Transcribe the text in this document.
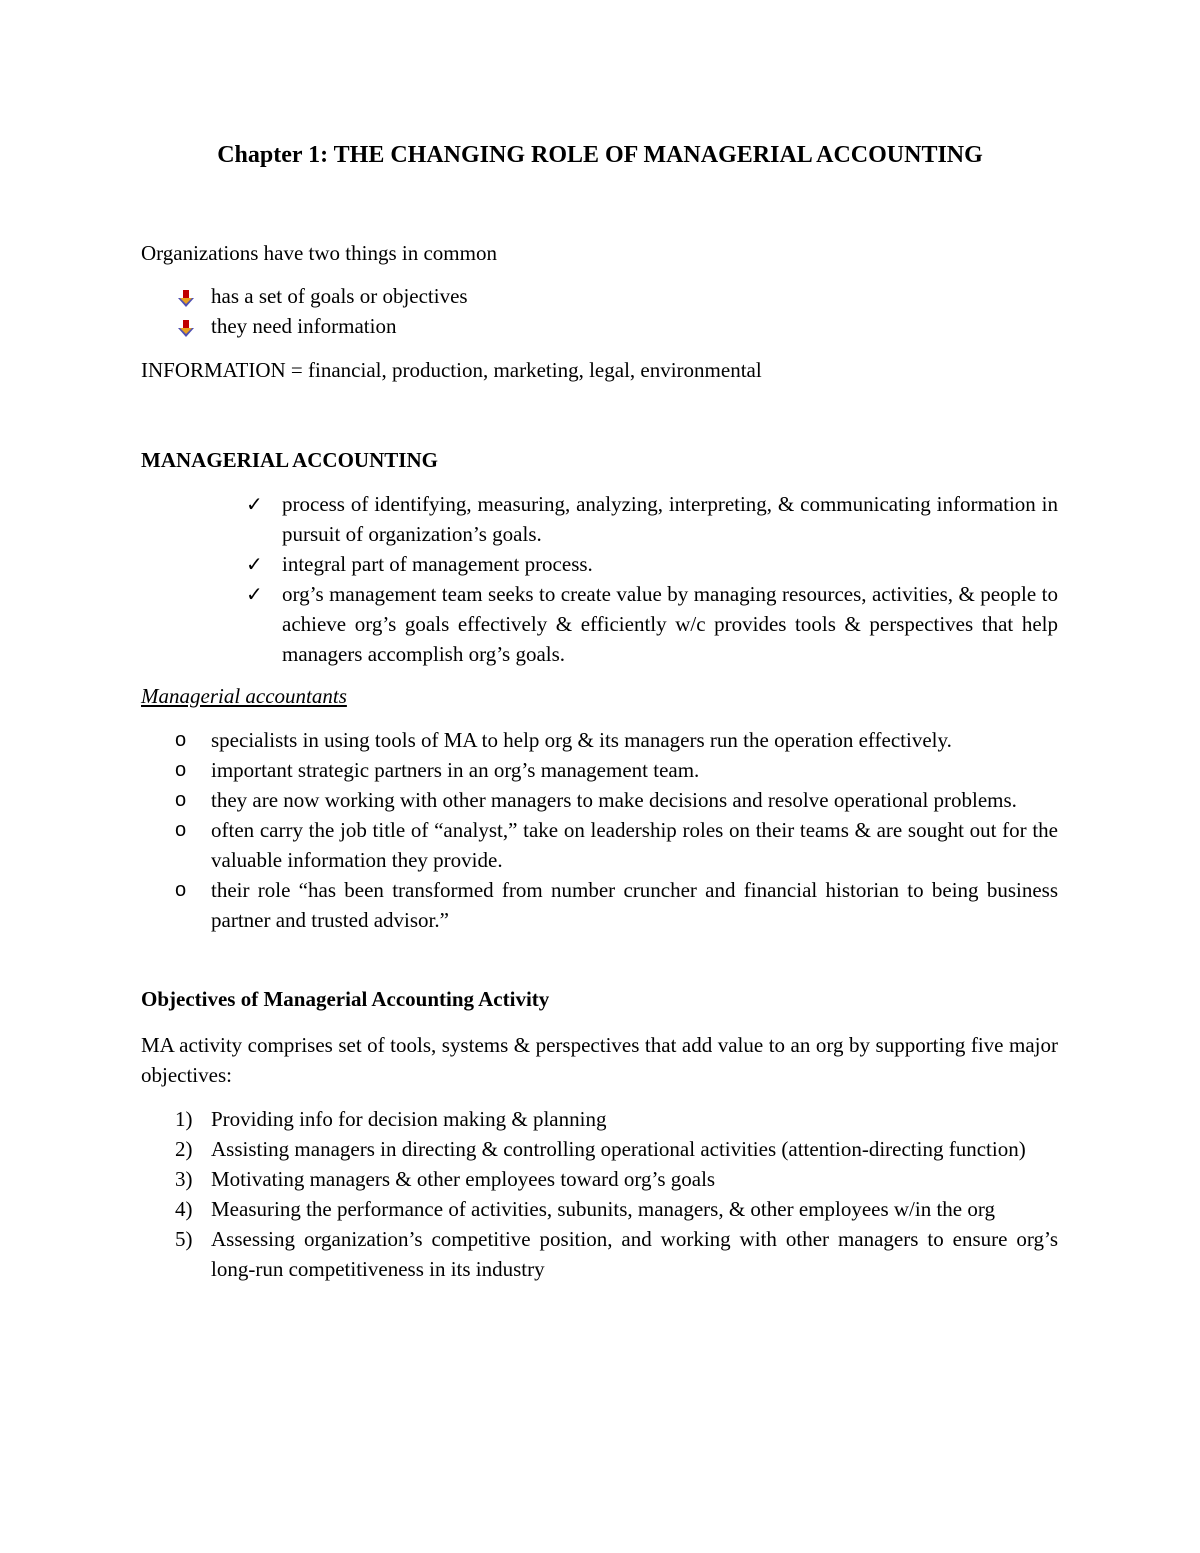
Chapter 1: THE CHANGING ROLE OF MANAGERIAL ACCOUNTING

Organizations have two things in common

has a set of goals or objectives
they need information

INFORMATION = financial, production, marketing, legal, environmental

MANAGERIAL ACCOUNTING

✓ process of identifying, measuring, analyzing, interpreting, & communicating information in pursuit of organization’s goals.
✓ integral part of management process.
✓ org’s management team seeks to create value by managing resources, activities, & people to achieve org’s goals effectively & efficiently w/c provides tools & perspectives that help managers accomplish org’s goals.

Managerial accountants

o specialists in using tools of MA to help org & its managers run the operation effectively.
o important strategic partners in an org’s management team.
o they are now working with other managers to make decisions and resolve operational problems.
o often carry the job title of “analyst,” take on leadership roles on their teams & are sought out for the valuable information they provide.
o their role “has been transformed from number cruncher and financial historian to being business partner and trusted advisor.”

Objectives of Managerial Accounting Activity

MA activity comprises set of tools, systems & perspectives that add value to an org by supporting five major objectives:

1) Providing info for decision making & planning
2) Assisting managers in directing & controlling operational activities (attention-directing function)
3) Motivating managers & other employees toward org’s goals
4) Measuring the performance of activities, subunits, managers, & other employees w/in the org
5) Assessing organization’s competitive position, and working with other managers to ensure org’s long-run competitiveness in its industry
